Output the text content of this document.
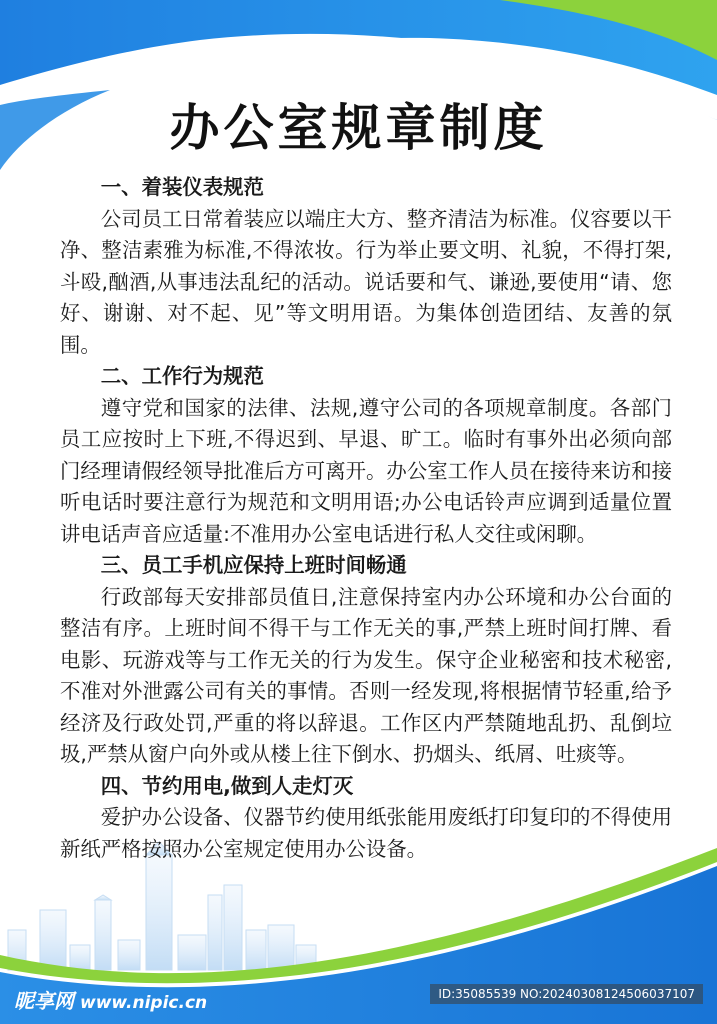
办公室规章制度

一、着装仪表规范

公司员工日常着装应以端庄大方、整齐清洁为标准。仪容要以干净、整洁素雅为标准,不得浓妆。行为举止要文明、礼貌，不得打架,斗殴,酗酒,从事违法乱纪的活动。说话要和气、谦逊,要使用“请、您好、谢谢、对不起、见”等文明用语。为集体创造团结、友善的氛围。

二、工作行为规范

遵守党和国家的法律、法规,遵守公司的各项规章制度。各部门员工应按时上下班,不得迟到、早退、旷工。临时有事外出必须向部门经理请假经领导批准后方可离开。办公室工作人员在接待来访和接听电话时要注意行为规范和文明用语;办公电话铃声应调到适量位置讲电话声音应适量:不准用办公室电话进行私人交往或闲聊。

三、员工手机应保持上班时间畅通

行政部每天安排部员值日,注意保持室内办公环境和办公台面的整洁有序。上班时间不得干与工作无关的事,严禁上班时间打牌、看电影、玩游戏等与工作无关的行为发生。保守企业秘密和技术秘密,不准对外泄露公司有关的事情。否则一经发现,将根据情节轻重,给予经济及行政处罚,严重的将以辞退。工作区内严禁随地乱扔、乱倒垃圾,严禁从窗户向外或从楼上往下倒水、扔烟头、纸屑、吐痰等。

四、节约用电,做到人走灯灭

爱护办公设备、仪器节约使用纸张能用废纸打印复印的不得使用新纸严格按照办公室规定使用办公设备。

昵享网 www.nipic.cn	ID:35085539 NO:20240308124506037107
